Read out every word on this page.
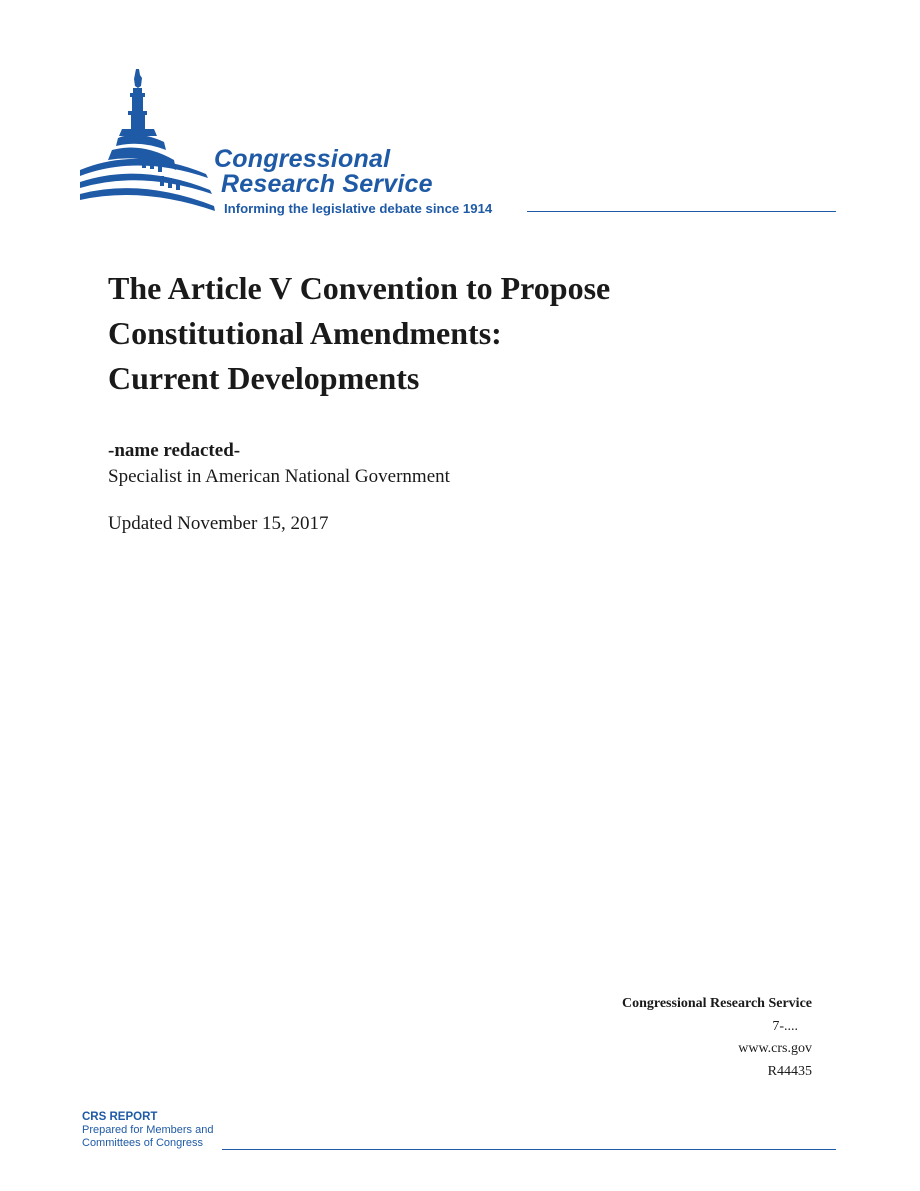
Congressional
Research Service
Informing the legislative debate since 1914
The Article V Convention to Propose
Constitutional Amendments:
Current Developments
-name redacted-
Specialist in American National Government
Updated November 15, 2017
Congressional Research Service
7-....
www.crs.gov
R44435
CRS REPORT
Prepared for Members and
Committees of Congress
